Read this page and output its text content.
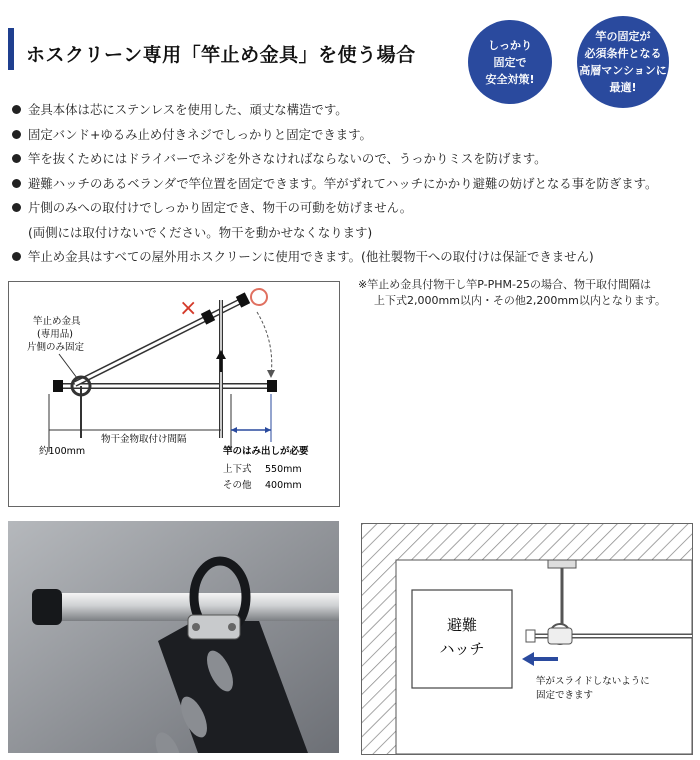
ホスクリーン専用「竿止め金具」を使う場合	しっかり
固定で
安全対策!
竿の固定が
必須条件となる
高層マンションに
最適!
金具本体は芯にステンレスを使用した、頑丈な構造です。
固定バンド+ゆるみ止め付きネジでしっかりと固定できます。
竿を抜くためにはドライバーでネジを外さなければならないので、うっかりミスを防げます。
避難ハッチのあるベランダで竿位置を固定できます。竿がずれてハッチにかかり避難の妨げとなる事を防ぎます。
片側のみへの取付けでしっかり固定でき、物干の可動を妨げません。
(両側には取付けないでください。物干を動かせなくなります)
竿止め金具はすべての屋外用ホスクリーンに使用できます。(他社製物干への取付けは保証できません)
※竿止め金具付物干し竿P-PHM-25の場合、物干取付間隔は
上下式2,000mm以内・その他2,200mm以内となります。
×
竿止め金具
(専用品)
片側のみ固定
物干金物取付け間隔
約100mm	竿のはみ出しが必要
上下式 550mm
その他 400mm
避難
ハッチ
竿がスライドしないように
固定できます
